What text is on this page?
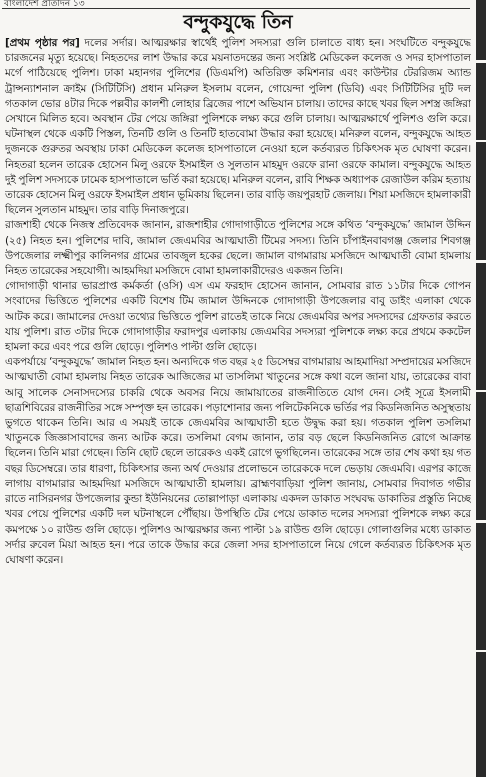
বাংলাদেশ প্রতিদিন ১৩
বন্দুকযুদ্ধে তিন

[প্রথম পৃষ্ঠার পর] দলের সর্দার। আত্মরক্ষার স্বার্থেই পুলিশ সদস্যরা গুলি চালাতে বাধ্য হন। সংঘটিতে বন্দুকযুদ্ধে চারজনের মৃত্যু হয়েছে। নিহতদের লাশ উদ্ধার করে ময়নাতদন্তের জন্য সংশ্লিষ্ট মেডিকেল কলেজ ও সদর হাসপাতাল মর্গে পাঠিয়েছে পুলিশ। ঢাকা মহানগর পুলিশের (ডিএমপি) অতিরিক্ত কমিশনার এবং কাউন্টার টেররিজম অ্যান্ড ট্রান্সন্যাশনাল ক্রাইম (সিটিটিসি) প্রধান মনিরুল ইসলাম বলেন, গোয়েন্দা পুলিশ (ডিবি) এবং সিটিটিসির দুটি দল গতকাল ভোর ৪টার দিকে পল্লবীর কালশী লোহার ব্রিজের পাশে অভিযান চালায়। তাদের কাছে খবর ছিল সশস্ত্র জঙ্গিরা সেখানে মিলিত হবে। অবস্থান টের পেয়ে জঙ্গিরা পুলিশকে লক্ষ্য করে গুলি চালায়। আত্মরক্ষার্থে পুলিশও গুলি করে। ঘটনাস্থল থেকে একটি পিস্তল, তিনটি গুলি ও তিনটি হাতবোমা উদ্ধার করা হয়েছে। মনিরুল বলেন, বন্দুকযুদ্ধে আহত দুজনকে গুরুতর অবস্থায় ঢাকা মেডিকেল কলেজ হাসপাতালে নেওয়া হলে কর্তব্যরত চিকিৎসক মৃত ঘোষণা করেন। নিহতরা হলেন তারেক হোসেন মিলু ওরফে ইসমাইল ও সুলতান মাহমুদ ওরফে রানা ওরফে কামাল। বন্দুকযুদ্ধে আহত দুই পুলিশ সদস্যকে ঢামেক হাসপাতালে ভর্তি করা হয়েছে। মনিরুল বলেন, রাবি শিক্ষক অধ্যাপক রেজাউল করিম হত্যায় তারেক হোসেন মিলু ওরফে ইসমাইল প্রধান ভূমিকায় ছিলেন। তার বাড়ি জয়পুরহাট জেলায়। শিয়া মসজিদে হামলাকারী ছিলেন সুলতান মাহমুদ। তার বাড়ি দিনাজপুরে।

রাজশাহী থেকে নিজস্ব প্রতিবেদক জানান, রাজশাহীর গোদাগাড়ীতে পুলিশের সঙ্গে কথিত ‘বন্দুকযুদ্ধে’ জামাল উদ্দিন (২৫) নিহত হন। পুলিশের দাবি, জামাল জেএমবির আত্মঘাতী টিমের সদস্য। তিনি চাঁপাইনবাবগঞ্জ জেলার শিবগঞ্জ উপজেলার লক্ষ্মীপুর কালিনগর গ্রামের তাবজুল হকের ছেলে। জামাল বাগমারায় মসজিদে আত্মঘাতী বোমা হামলায় নিহত তারেকের সহযোগী। আহমদিয়া মসজিদে বোমা হামলাকারীদেরও একজন তিনি।

গোদাগাড়ী থানার ভারপ্রাপ্ত কর্মকর্তা (ওসি) এস এম ফরহাদ হোসেন জানান, সোমবার রাত ১১টার দিকে গোপন সংবাদের ভিত্তিতে পুলিশের একটি বিশেষ টিম জামাল উদ্দিনকে গোদাগাড়ী উপজেলার বাবু ডাইং এলাকা থেকে আটক করে। জামালের দেওয়া তথ্যের ভিত্তিতে পুলিশ রাতেই তাকে নিয়ে জেএমবির অপর সদস্যদের গ্রেফতার করতে যায় পুলিশ। রাত ৩টার দিকে গোদাগাড়ীর ফরাদপুর এলাকায় জেএমবির সদস্যরা পুলিশকে লক্ষ্য করে প্রথমে ককটেল হামলা করে এবং পরে গুলি ছোড়ে। পুলিশও পাল্টা গুলি ছোড়ে।

একপর্যায়ে ‘বন্দুকযুদ্ধে’ জামাল নিহত হন। অন্যদিকে গত বছর ২৫ ডিসেম্বর বাগমারায় আহমাদিয়া সম্প্রদায়ের মসজিদে আত্মঘাতী বোমা হামলায় নিহত তারেক আজিজের মা তাসলিমা খাতুনের সঙ্গে কথা বলে জানা যায়, তারেকের বাবা আবু সালেক সেনাসদস্যের চাকরি থেকে অবসর নিয়ে জামায়াতের রাজনীতিতে যোগ দেন। সেই সূত্রে ইসলামী ছাত্রশিবিরের রাজনীতির সঙ্গে সম্পৃক্ত হন তারেক। পড়াশোনার জন্য পলিটেকনিকে ভর্তির পর কিডনিজনিত অসুস্থতায় ভুগতে থাকেন তিনি। আর এ সময়ই তাকে জেএমবির আত্মঘাতী হতে উদ্বুদ্ধ করা হয়। গতকাল পুলিশ তসলিমা খাতুনকে জিজ্ঞাসাবাদের জন্য আটক করে। তসলিমা বেগম জানান, তার বড় ছেলে কিডনিজনিত রোগে আক্রান্ত ছিলেন। তিনি মারা গেছেন। তিনি ছোট ছেলে তারেকও একই রোগে ভুগছিলেন। তারেকের সঙ্গে তার শেষ কথা হয় গত বছর ডিসেম্বরে। তার ধারণা, চিকিৎসার জন্য অর্থ দেওয়ার প্রলোভনে তারেককে দলে ভেড়ায় জেএমবি। এরপর কাজে লাগায় বাগমারার আহমদিয়া মসজিদে আত্মঘাতী হামলায়। ব্রাহ্মণবাড়িয়া পুলিশ জানায়, সোমবার দিবাগত গভীর রাতে নাসিরনগর উপজেলার কুন্ডা ইউনিয়নের তোল্লাপাড়া এলাকায় একদল ডাকাত সংঘবদ্ধ ডাকাতির প্রস্তুতি নিচ্ছে খবর পেয়ে পুলিশের একটি দল ঘটনাস্থলে পৌঁছায়। উপস্থিতি টের পেয়ে ডাকাত দলের সদস্যরা পুলিশকে লক্ষ্য করে কমপক্ষে ১০ রাউন্ড গুলি ছোড়ে। পুলিশও আত্মরক্ষার জন্য পাল্টা ১৯ রাউন্ড গুলি ছোড়ে। গোলাগুলির মধ্যে ডাকাত সর্দার রুবেল মিয়া আহত হন। পরে তাকে উদ্ধার করে জেলা সদর হাসপাতালে নিয়ে গেলে কর্তব্যরত চিকিৎসক মৃত ঘোষণা করেন।
